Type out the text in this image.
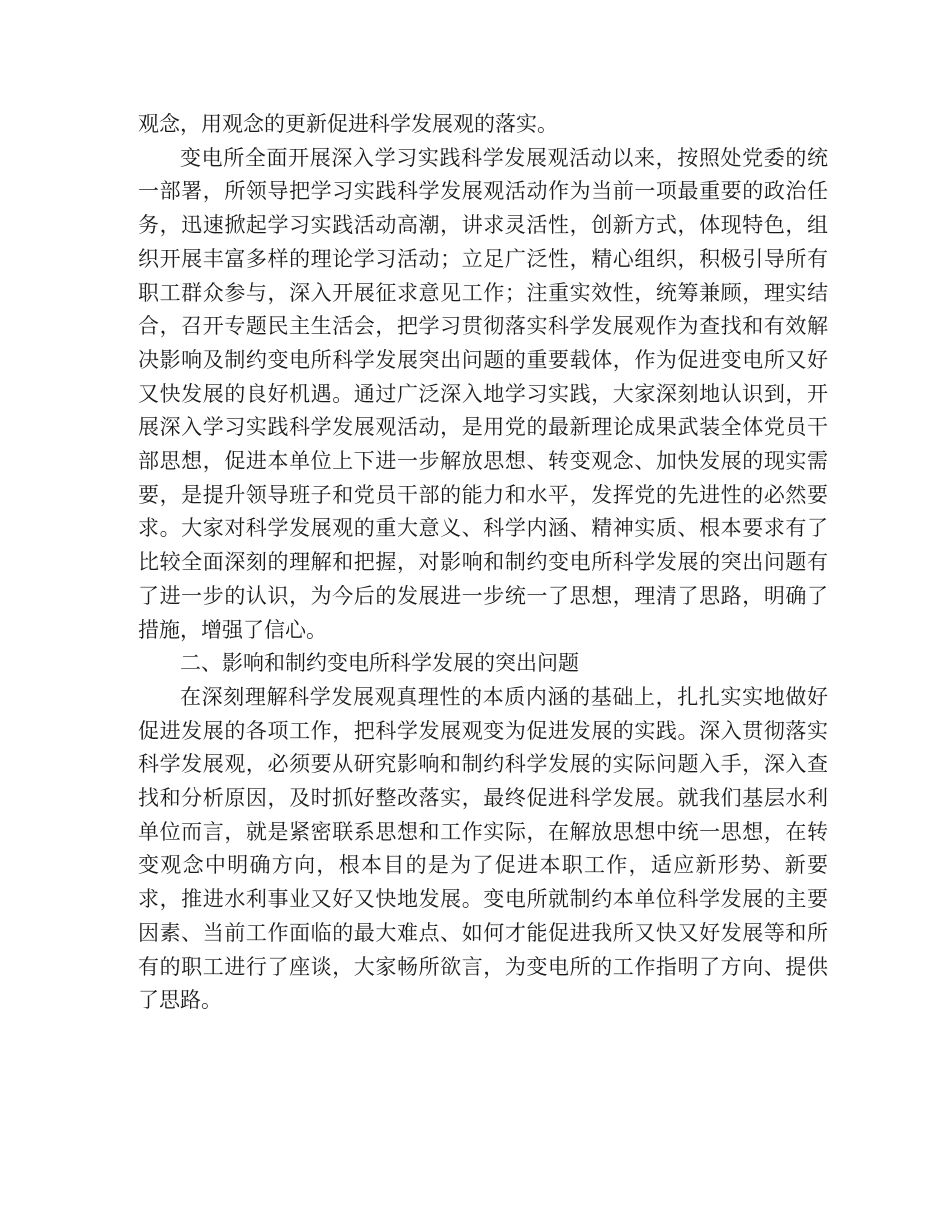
观念，用观念的更新促进科学发展观的落实。

变电所全面开展深入学习实践科学发展观活动以来，按照处党委的统一部署，所领导把学习实践科学发展观活动作为当前一项最重要的政治任务，迅速掀起学习实践活动高潮，讲求灵活性，创新方式，体现特色，组织开展丰富多样的理论学习活动；立足广泛性，精心组织，积极引导所有职工群众参与，深入开展征求意见工作；注重实效性，统筹兼顾，理实结合，召开专题民主生活会，把学习贯彻落实科学发展观作为查找和有效解决影响及制约变电所科学发展突出问题的重要载体，作为促进变电所又好又快发展的良好机遇。通过广泛深入地学习实践，大家深刻地认识到，开展深入学习实践科学发展观活动，是用党的最新理论成果武装全体党员干部思想，促进本单位上下进一步解放思想、转变观念、加快发展的现实需要，是提升领导班子和党员干部的能力和水平，发挥党的先进性的必然要求。大家对科学发展观的重大意义、科学内涵、精神实质、根本要求有了比较全面深刻的理解和把握，对影响和制约变电所科学发展的突出问题有了进一步的认识，为今后的发展进一步统一了思想，理清了思路，明确了措施，增强了信心。

二、影响和制约变电所科学发展的突出问题

在深刻理解科学发展观真理性的本质内涵的基础上，扎扎实实地做好促进发展的各项工作，把科学发展观变为促进发展的实践。深入贯彻落实科学发展观，必须要从研究影响和制约科学发展的实际问题入手，深入查找和分析原因，及时抓好整改落实，最终促进科学发展。就我们基层水利单位而言，就是紧密联系思想和工作实际，在解放思想中统一思想，在转变观念中明确方向，根本目的是为了促进本职工作，适应新形势、新要求，推进水利事业又好又快地发展。变电所就制约本单位科学发展的主要因素、当前工作面临的最大难点、如何才能促进我所又快又好发展等和所有的职工进行了座谈，大家畅所欲言，为变电所的工作指明了方向、提供了思路。
